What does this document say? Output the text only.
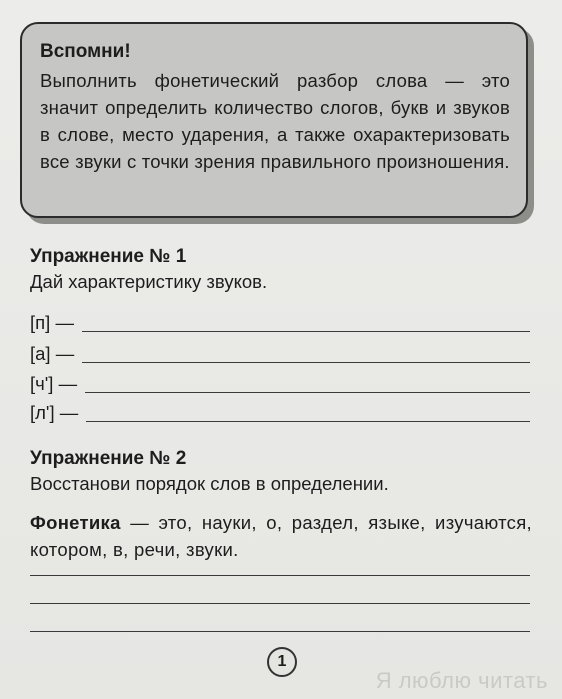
Вспомни!
Выполнить фонетический разбор слова — это значит определить количество слогов, букв и звуков в слове, место ударения, а также охарактеризовать все звуки с точки зрения правильного произношения.
Упражнение № 1
Дай характеристику звуков.
[п] —
[а] —
[ч'] —
[л'] —
Упражнение № 2
Восстанови порядок слов в определении.
Фонетика — это, науки, о, раздел, языке, изучаются, котором, в, речи, звуки.
1
Я люблю читать
